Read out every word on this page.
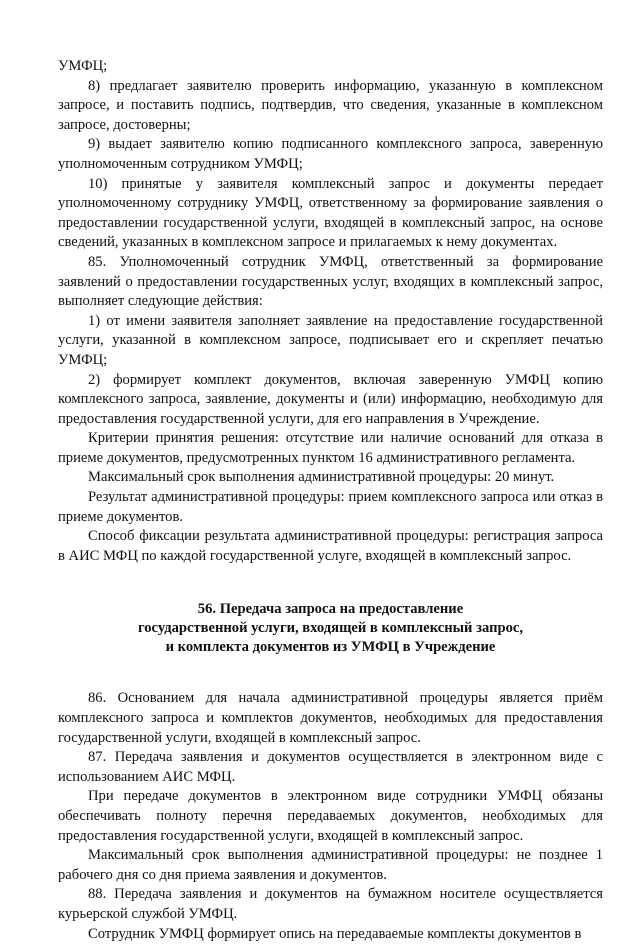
УМФЦ;

8) предлагает заявителю проверить информацию, указанную в комплексном запросе, и поставить подпись, подтвердив, что сведения, указанные в комплексном запросе, достоверны;

9) выдает заявителю копию подписанного комплексного запроса, заверенную уполномоченным сотрудником УМФЦ;

10) принятые у заявителя комплексный запрос и документы передает уполномоченному сотруднику УМФЦ, ответственному за формирование заявления о предоставлении государственной услуги, входящей в комплексный запрос, на основе сведений, указанных в комплексном запросе и прилагаемых к нему документах.

85. Уполномоченный сотрудник УМФЦ, ответственный за формирование заявлений о предоставлении государственных услуг, входящих в комплексный запрос, выполняет следующие действия:

1) от имени заявителя заполняет заявление на предоставление государственной услуги, указанной в комплексном запросе, подписывает его и скрепляет печатью УМФЦ;

2) формирует комплект документов, включая заверенную УМФЦ копию комплексного запроса, заявление, документы и (или) информацию, необходимую для предоставления государственной услуги, для его направления в Учреждение.

Критерии принятия решения: отсутствие или наличие оснований для отказа в приеме документов, предусмотренных пунктом 16 административного регламента.

Максимальный срок выполнения административной процедуры: 20 минут.

Результат административной процедуры: прием комплексного запроса или отказ в приеме документов.

Способ фиксации результата административной процедуры: регистрация запроса в АИС МФЦ по каждой государственной услуге, входящей в комплексный запрос.

56. Передача запроса на предоставление
государственной услуги, входящей в комплексный запрос,
и комплекта документов из УМФЦ в Учреждение

86. Основанием для начала административной процедуры является приём комплексного запроса и комплектов документов, необходимых для предоставления государственной услуги, входящей в комплексный запрос.

87. Передача заявления и документов осуществляется в электронном виде с использованием АИС МФЦ.

При передаче документов в электронном виде сотрудники УМФЦ обязаны обеспечивать полноту перечня передаваемых документов, необходимых для предоставления государственной услуги, входящей в комплексный запрос.

Максимальный срок выполнения административной процедуры: не позднее 1 рабочего дня со дня приема заявления и документов.

88. Передача заявления и документов на бумажном носителе осуществляется курьерской службой УМФЦ.

Сотрудник УМФЦ формирует опись на передаваемые комплекты документов в
